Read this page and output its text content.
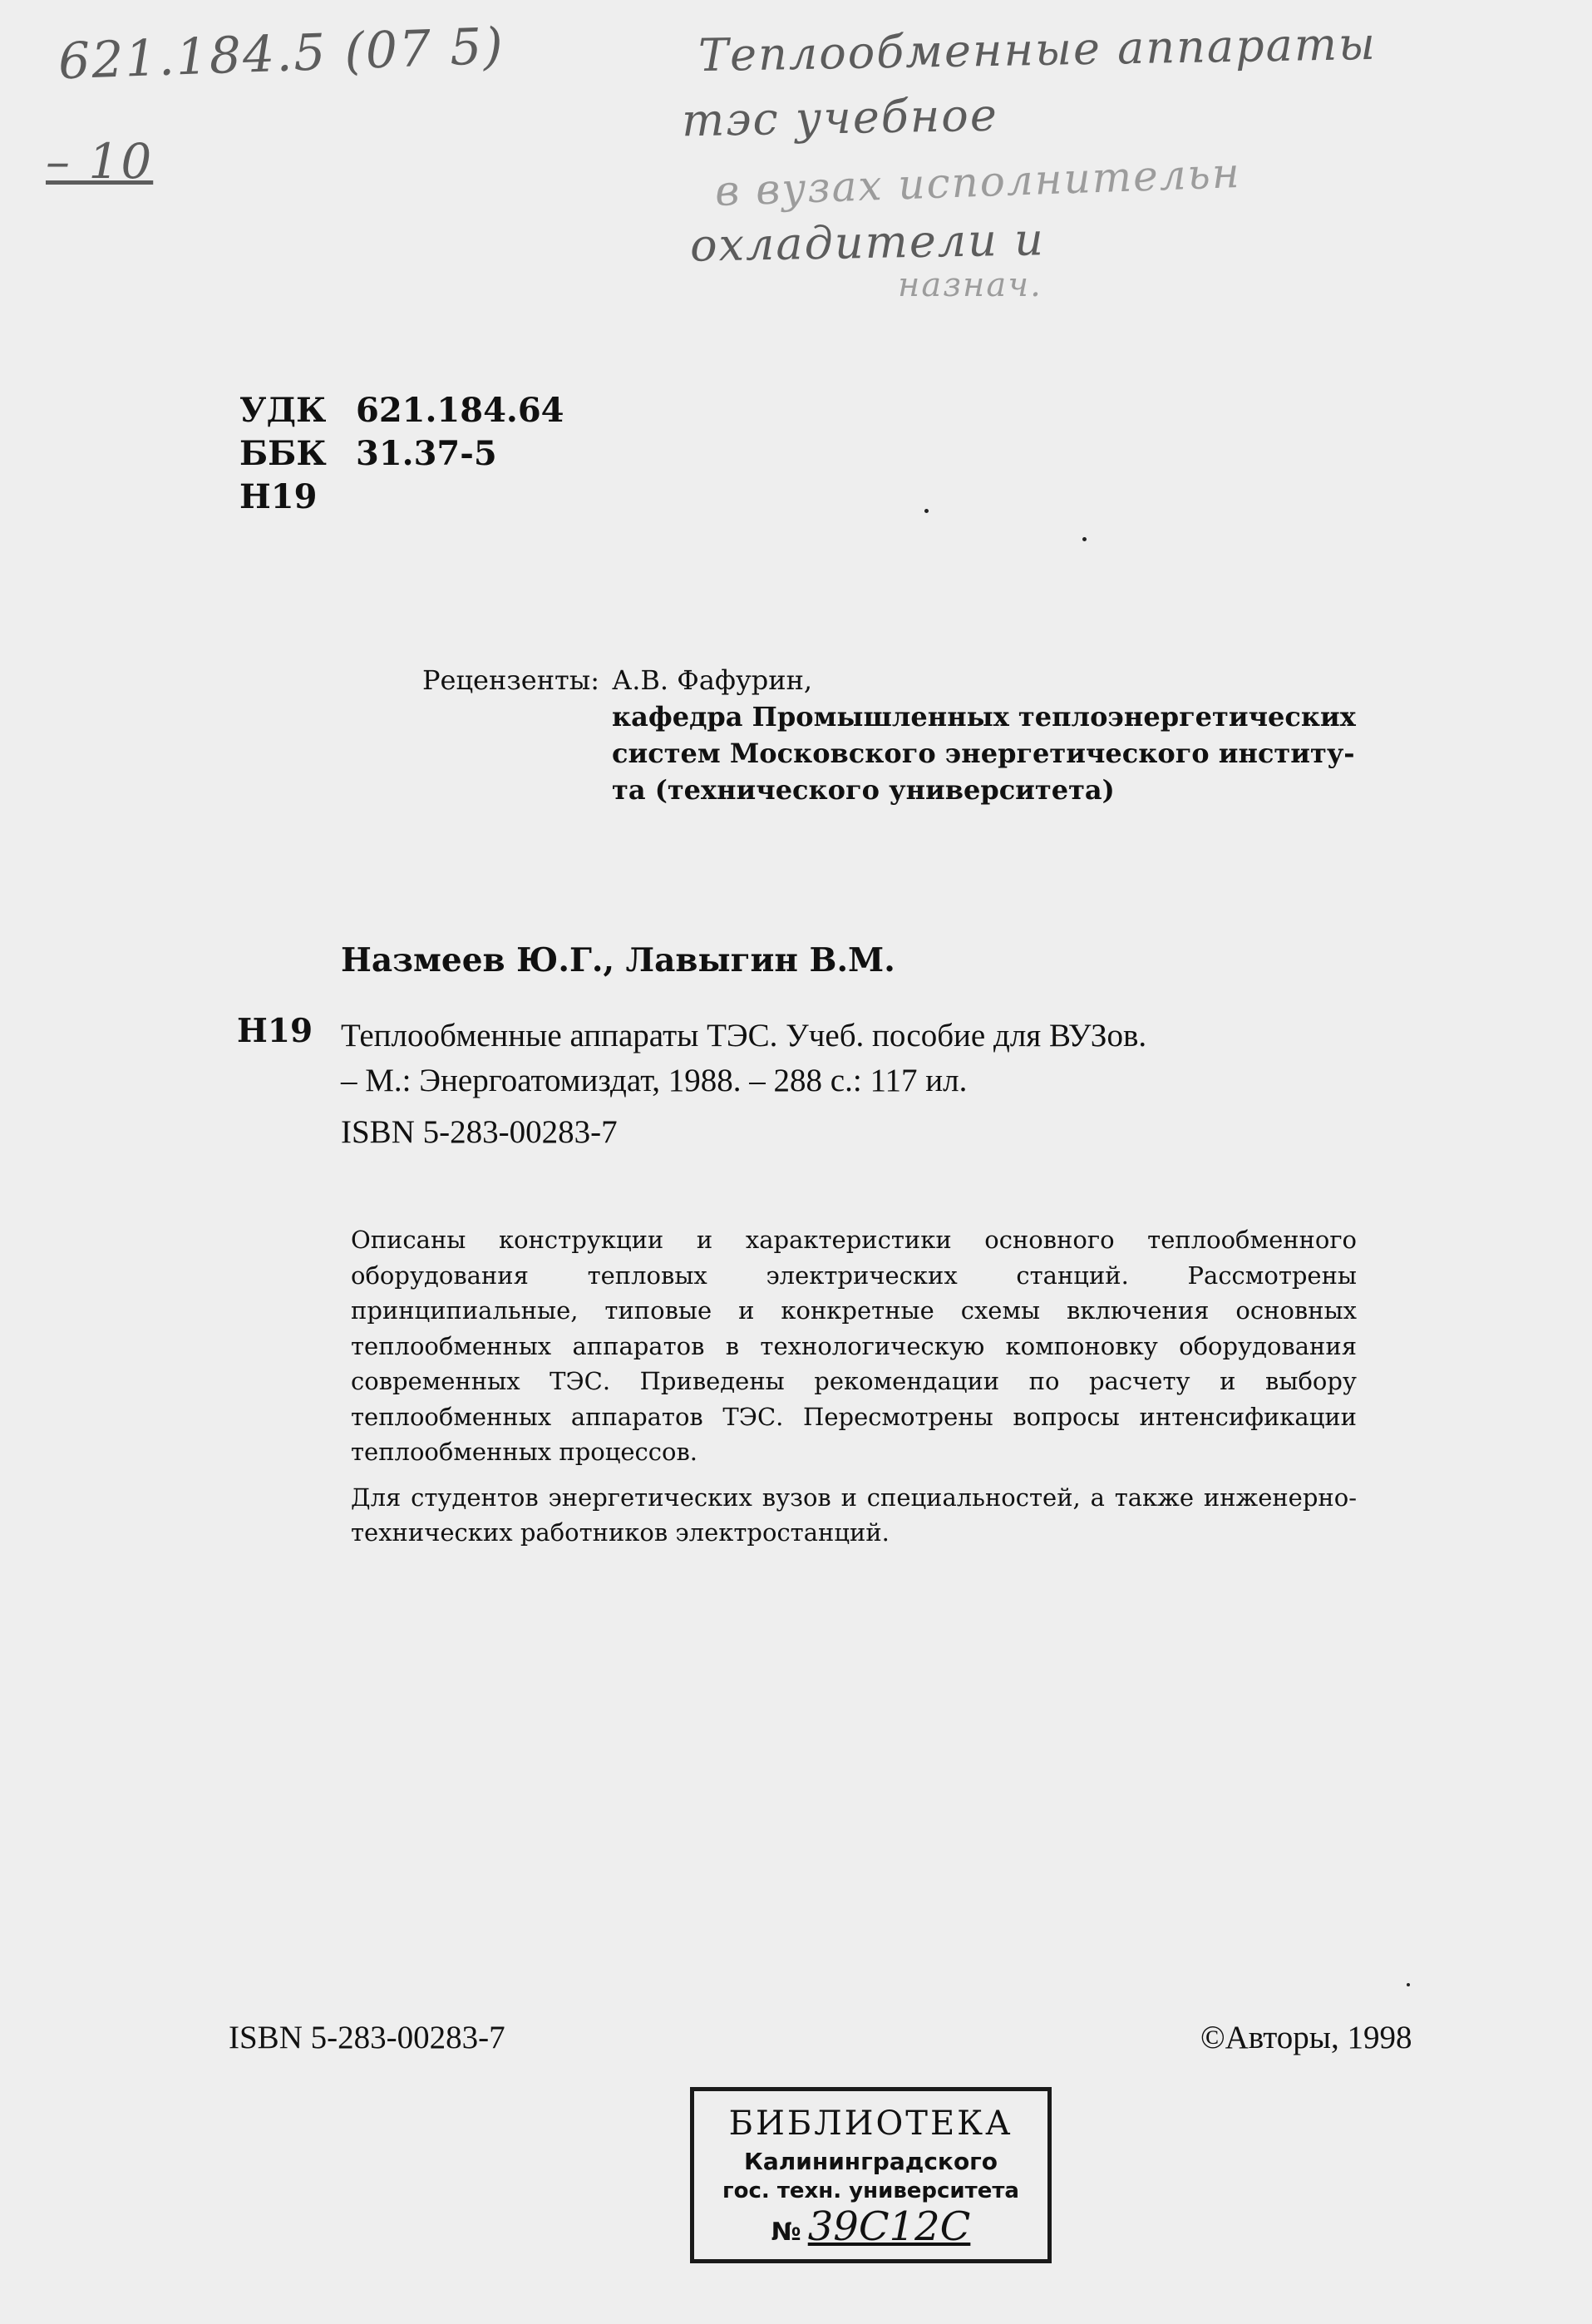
621.184.5 (07 5)
– 10
Теплообменные аппараты
тэс учебное
в вузах исполнительн
охладители и
назнач.
УДК 621.184.64
ББК 31.37-5
Н19
Рецензенты: А.В. Фафурин,
кафедра Промышленных теплоэнергетических
систем Московского энергетического институ-
та (технического университета)
Назмеев Ю.Г., Лавыгин В.М.
Н19 Теплообменные аппараты ТЭС. Учеб. пособие для ВУЗов.
– М.: Энергоатомиздат, 1988. – 288 с.: 117 ил.
ISBN 5-283-00283-7

Описаны конструкции и характеристики основного теплообменного оборудования тепловых электрических станций. Рассмотрены принципиальные, типовые и конкретные схемы включения основных теплообменных аппаратов в технологическую компоновку оборудования современных ТЭС. Приведены рекомендации по расчету и выбору теплообменных аппаратов ТЭС. Пересмотрены вопросы интенсификации теплообменных процессов.

Для студентов энергетических вузов и специальностей, а также инженерно-технических работников электростанций.

ISBN 5-283-00283-7	©Авторы, 1998
БИБЛИОТЕКА
Калининградского
гос. техн. университета
№ 39С12С
